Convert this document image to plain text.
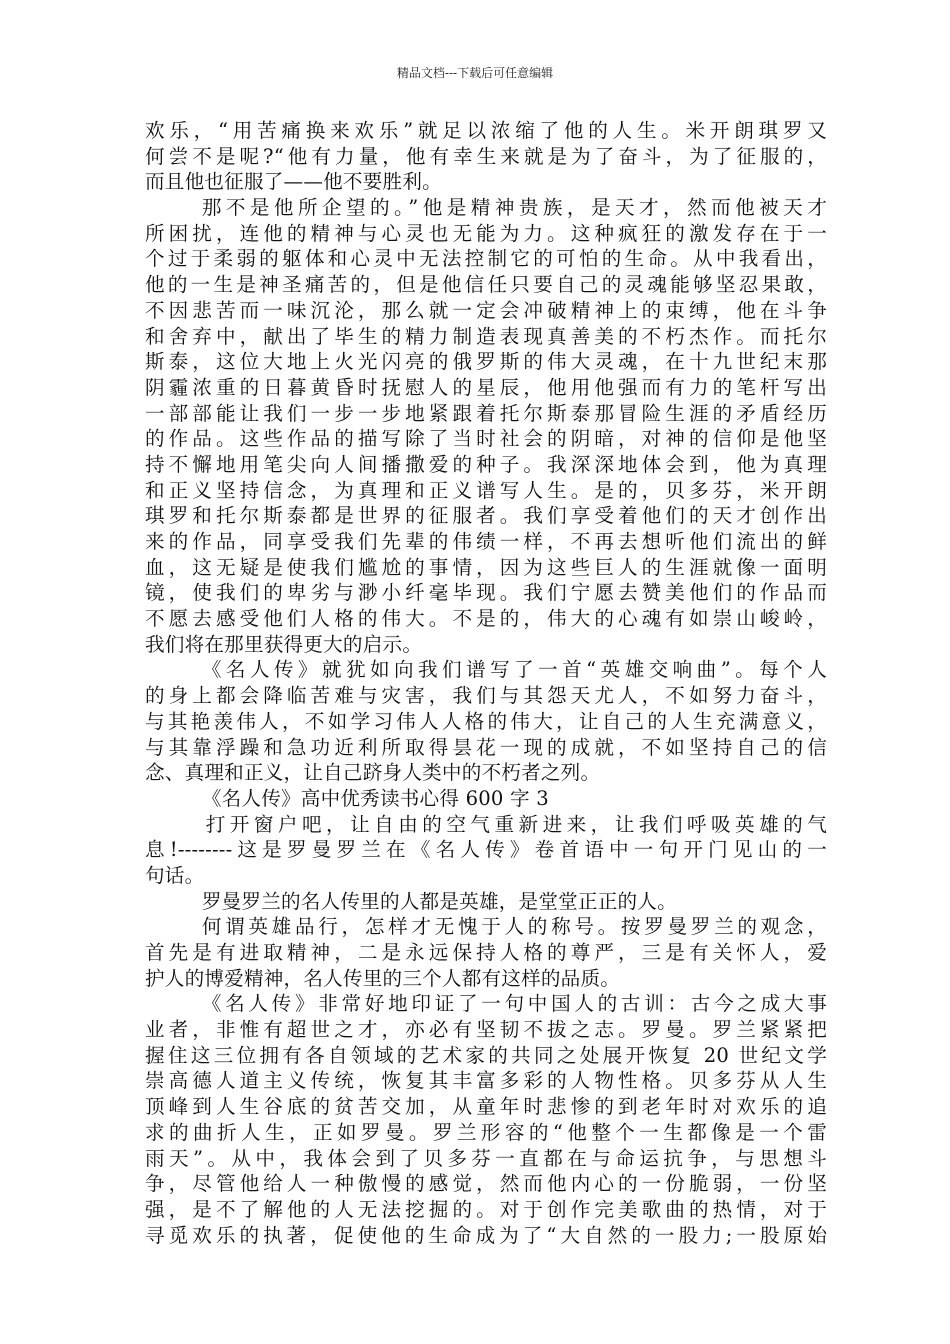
精品文档---下载后可任意编辑
欢乐，“用苦痛换来欢乐”就足以浓缩了他的人生。米开朗琪罗又
何尝不是呢?“他有力量，他有幸生来就是为了奋斗，为了征服的，
而且他也征服了——他不要胜利。
那不是他所企望的。”他是精神贵族，是天才，然而他被天才
所困扰，连他的精神与心灵也无能为力。这种疯狂的激发存在于一
个过于柔弱的躯体和心灵中无法控制它的可怕的生命。从中我看出，
他的一生是神圣痛苦的，但是他信任只要自己的灵魂能够坚忍果敢，
不因悲苦而一味沉沦，那么就一定会冲破精神上的束缚，他在斗争
和舍弃中，献出了毕生的精力制造表现真善美的不朽杰作。而托尔
斯泰，这位大地上火光闪亮的俄罗斯的伟大灵魂，在十九世纪末那
阴霾浓重的日暮黄昏时抚慰人的星辰，他用他强而有力的笔杆写出
一部部能让我们一步一步地紧跟着托尔斯泰那冒险生涯的矛盾经历
的作品。这些作品的描写除了当时社会的阴暗，对神的信仰是他坚
持不懈地用笔尖向人间播撒爱的种子。我深深地体会到，他为真理
和正义坚持信念，为真理和正义谱写人生。是的，贝多芬，米开朗
琪罗和托尔斯泰都是世界的征服者。我们享受着他们的天才创作出
来的作品，同享受我们先辈的伟绩一样，不再去想听他们流出的鲜
血，这无疑是使我们尴尬的事情，因为这些巨人的生涯就像一面明
镜，使我们的卑劣与渺小纤毫毕现。我们宁愿去赞美他们的作品而
不愿去感受他们人格的伟大。不是的，伟大的心魂有如崇山峻岭，
我们将在那里获得更大的启示。
《名人传》就犹如向我们谱写了一首“英雄交响曲”。每个人
的身上都会降临苦难与灾害，我们与其怨天尤人，不如努力奋斗，
与其艳羡伟人，不如学习伟人人格的伟大，让自己的人生充满意义，
与其靠浮躁和急功近利所取得昙花一现的成就，不如坚持自己的信
念、真理和正义，让自己跻身人类中的不朽者之列。
《名人传》高中优秀读书心得 600 字 3
打开窗户吧，让自由的空气重新进来，让我们呼吸英雄的气
息!--------这是罗曼罗兰在《名人传》卷首语中一句开门见山的一
句话。
罗曼罗兰的名人传里的人都是英雄，是堂堂正正的人。
何谓英雄品行，怎样才无愧于人的称号。按罗曼罗兰的观念，
首先是有进取精神，二是永远保持人格的尊严，三是有关怀人，爱
护人的博爱精神，名人传里的三个人都有这样的品质。
《名人传》非常好地印证了一句中国人的古训：古今之成大事
业者，非惟有超世之才，亦必有坚韧不拔之志。罗曼。罗兰紧紧把
握住这三位拥有各自领域的艺术家的共同之处展开恢复 20 世纪文学
崇高德人道主义传统，恢复其丰富多彩的人物性格。贝多芬从人生
顶峰到人生谷底的贫苦交加，从童年时悲惨的到老年时对欢乐的追
求的曲折人生，正如罗曼。罗兰形容的“他整个一生都像是一个雷
雨天”。从中，我体会到了贝多芬一直都在与命运抗争，与思想斗
争，尽管他给人一种傲慢的感觉，然而他内心的一份脆弱，一份坚
强，是不了解他的人无法挖掘的。对于创作完美歌曲的热情，对于
寻觅欢乐的执著，促使他的生命成为了“大自然的一股力;一股原始
